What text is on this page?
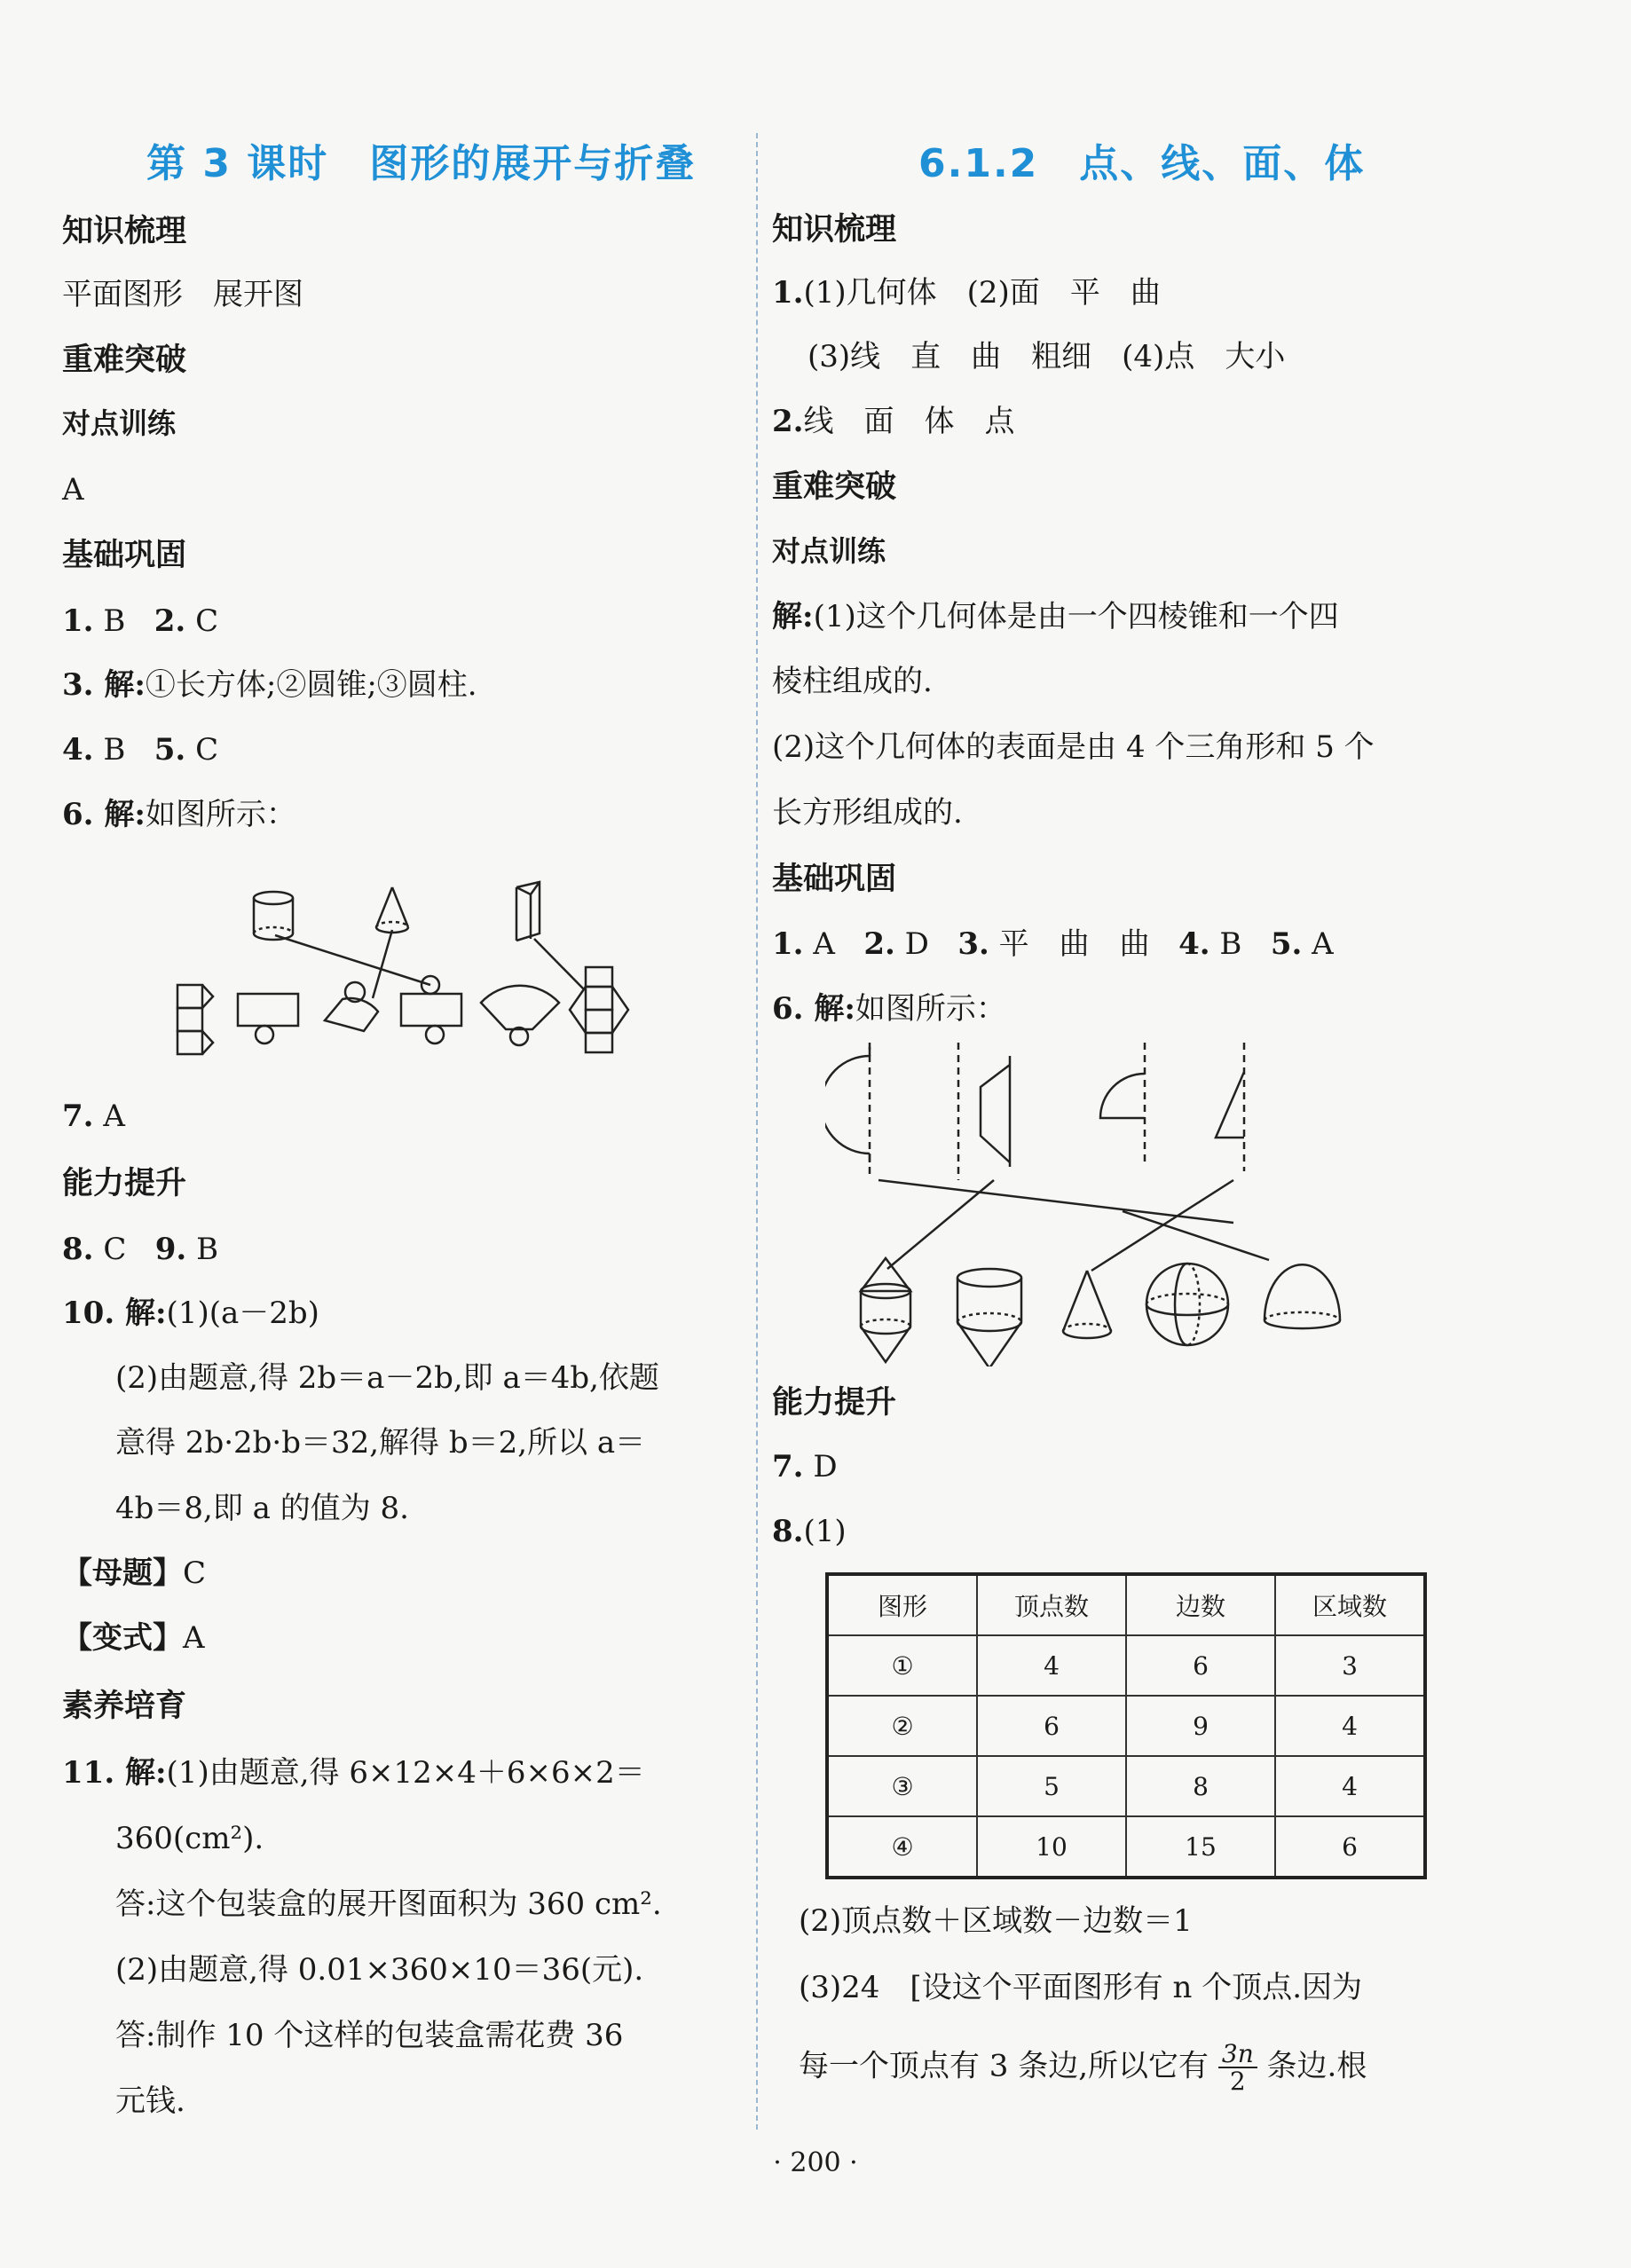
第 3 课时　图形的展开与折叠
知识梳理
平面图形　展开图
重难突破
对点训练
A
基础巩固
1. B 2. C
3. 解:①长方体;②圆锥;③圆柱.
4. B 5. C
6. 解:如图所示：
7. A
能力提升
8. C 9. B
10. 解:(1)(a－2b)
(2)由题意,得 2b＝a－2b,即 a＝4b,依题
意得 2b·2b·b＝32,解得 b＝2,所以 a＝
4b＝8,即 a 的值为 8.
【母题】C
【变式】A
素养培育
11. 解:(1)由题意,得 6×12×4＋6×6×2＝
360(cm²).
答:这个包装盒的展开图面积为 360 cm².
(2)由题意,得 0.01×360×10＝36(元).
答:制作 10 个这样的包装盒需花费 36
元钱.
6.1.2　点、线、面、体
知识梳理
1.(1)几何体　(2)面　平　曲
(3)线　直　曲　粗细　(4)点　大小
2.线　面　体　点
重难突破
对点训练
解:(1)这个几何体是由一个四棱锥和一个四
棱柱组成的.
(2)这个几何体的表面是由 4 个三角形和 5 个
长方形组成的.
基础巩固
1. A 2. D 3. 平　曲　曲 4. B 5. A
6. 解:如图所示：
能力提升
7. D
8.(1)
图形	顶点数	边数	区域数
①	4	6	3
②	6	9	4
③	5	8	4
④	10	15	6
(2)顶点数＋区域数－边数＝1
(3)24　[设这个平面图形有 n 个顶点.因为
每一个顶点有 3 条边,所以它有 $\frac{3n}{2}$ 条边.根
· 200 ·
